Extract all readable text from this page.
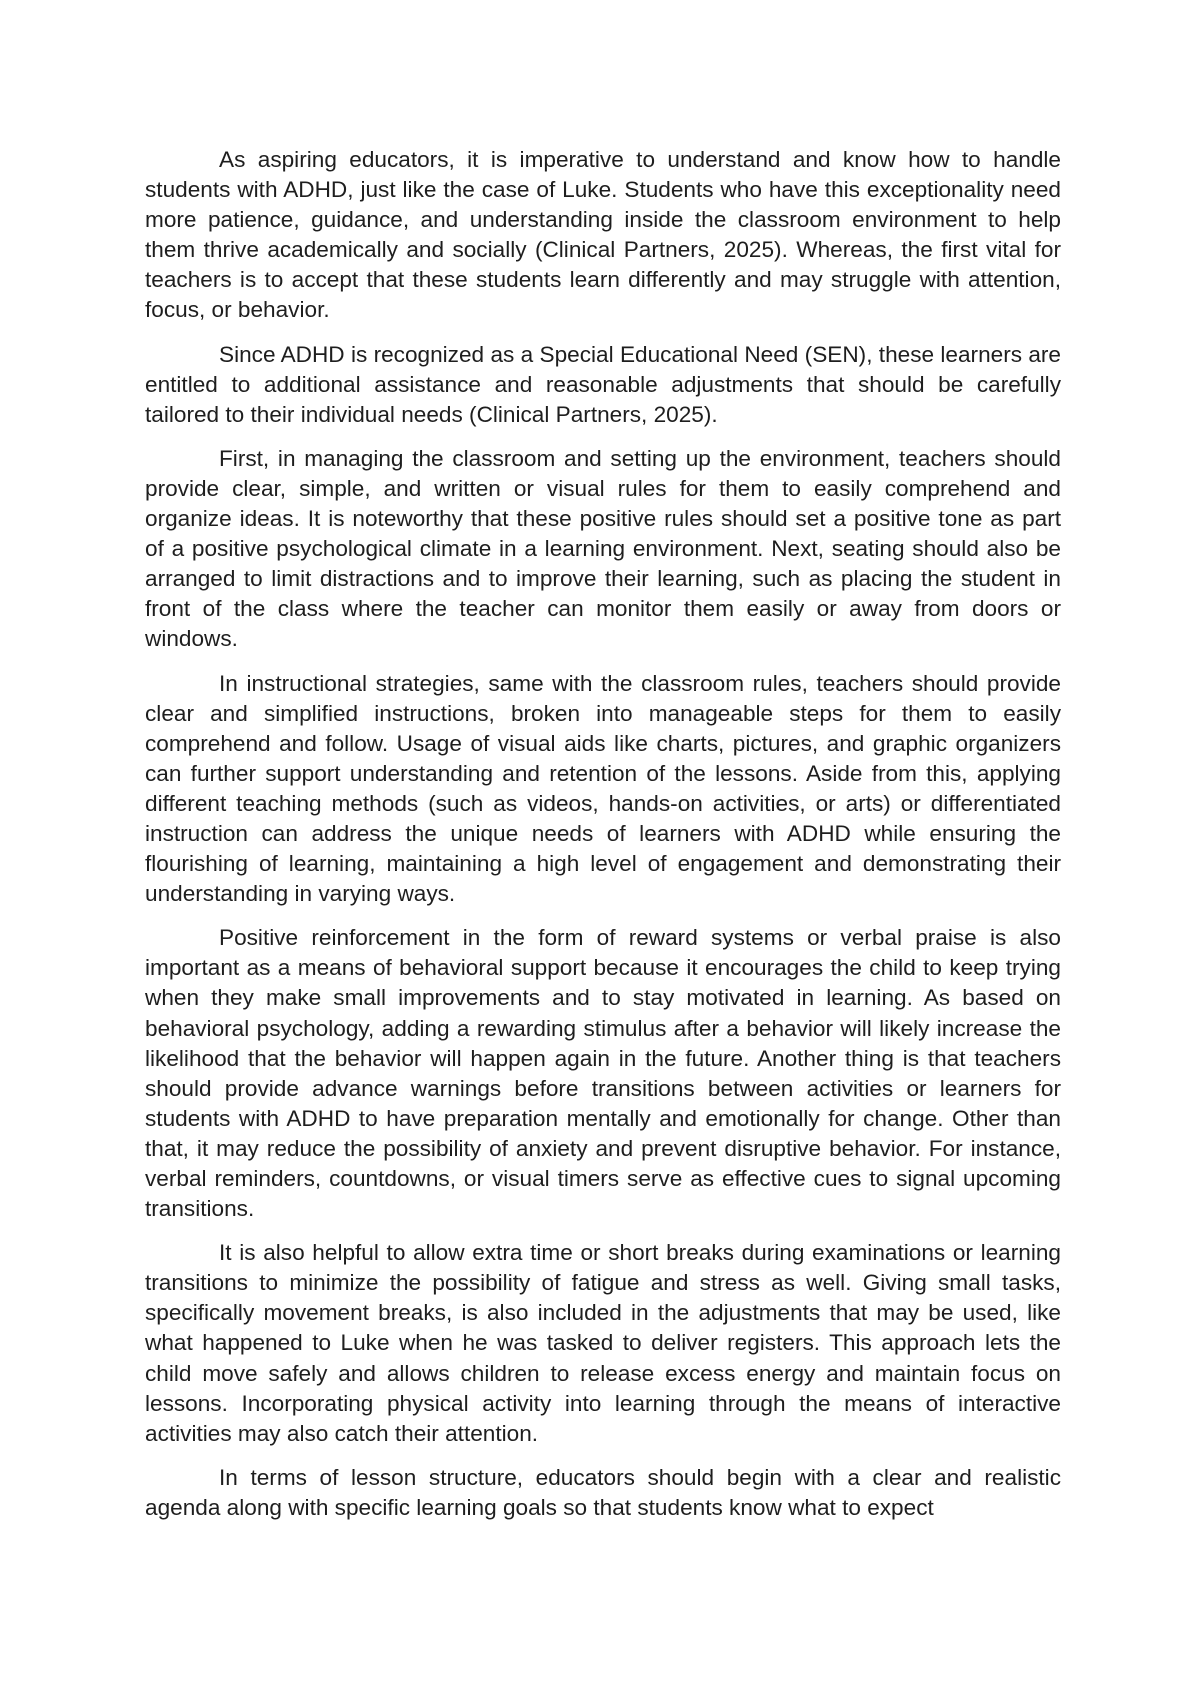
As aspiring educators, it is imperative to understand and know how to handle students with ADHD, just like the case of Luke. Students who have this exceptionality need more patience, guidance, and understanding inside the classroom environment to help them thrive academically and socially (Clinical Partners, 2025). Whereas, the first vital for teachers is to accept that these students learn differently and may struggle with attention, focus, or behavior.

Since ADHD is recognized as a Special Educational Need (SEN), these learners are entitled to additional assistance and reasonable adjustments that should be carefully tailored to their individual needs (Clinical Partners, 2025).

First, in managing the classroom and setting up the environment, teachers should provide clear, simple, and written or visual rules for them to easily comprehend and organize ideas. It is noteworthy that these positive rules should set a positive tone as part of a positive psychological climate in a learning environment. Next, seating should also be arranged to limit distractions and to improve their learning, such as placing the student in front of the class where the teacher can monitor them easily or away from doors or windows.

In instructional strategies, same with the classroom rules, teachers should provide clear and simplified instructions, broken into manageable steps for them to easily comprehend and follow. Usage of visual aids like charts, pictures, and graphic organizers can further support understanding and retention of the lessons. Aside from this, applying different teaching methods (such as videos, hands-on activities, or arts) or differentiated instruction can address the unique needs of learners with ADHD while ensuring the flourishing of learning, maintaining a high level of engagement and demonstrating their understanding in varying ways.

Positive reinforcement in the form of reward systems or verbal praise is also important as a means of behavioral support because it encourages the child to keep trying when they make small improvements and to stay motivated in learning. As based on behavioral psychology, adding a rewarding stimulus after a behavior will likely increase the likelihood that the behavior will happen again in the future. Another thing is that teachers should provide advance warnings before transitions between activities or learners for students with ADHD to have preparation mentally and emotionally for change. Other than that, it may reduce the possibility of anxiety and prevent disruptive behavior. For instance, verbal reminders, countdowns, or visual timers serve as effective cues to signal upcoming transitions.

It is also helpful to allow extra time or short breaks during examinations or learning transitions to minimize the possibility of fatigue and stress as well. Giving small tasks, specifically movement breaks, is also included in the adjustments that may be used, like what happened to Luke when he was tasked to deliver registers. This approach lets the child move safely and allows children to release excess energy and maintain focus on lessons. Incorporating physical activity into learning through the means of interactive activities may also catch their attention.

In terms of lesson structure, educators should begin with a clear and realistic agenda along with specific learning goals so that students know what to expect
